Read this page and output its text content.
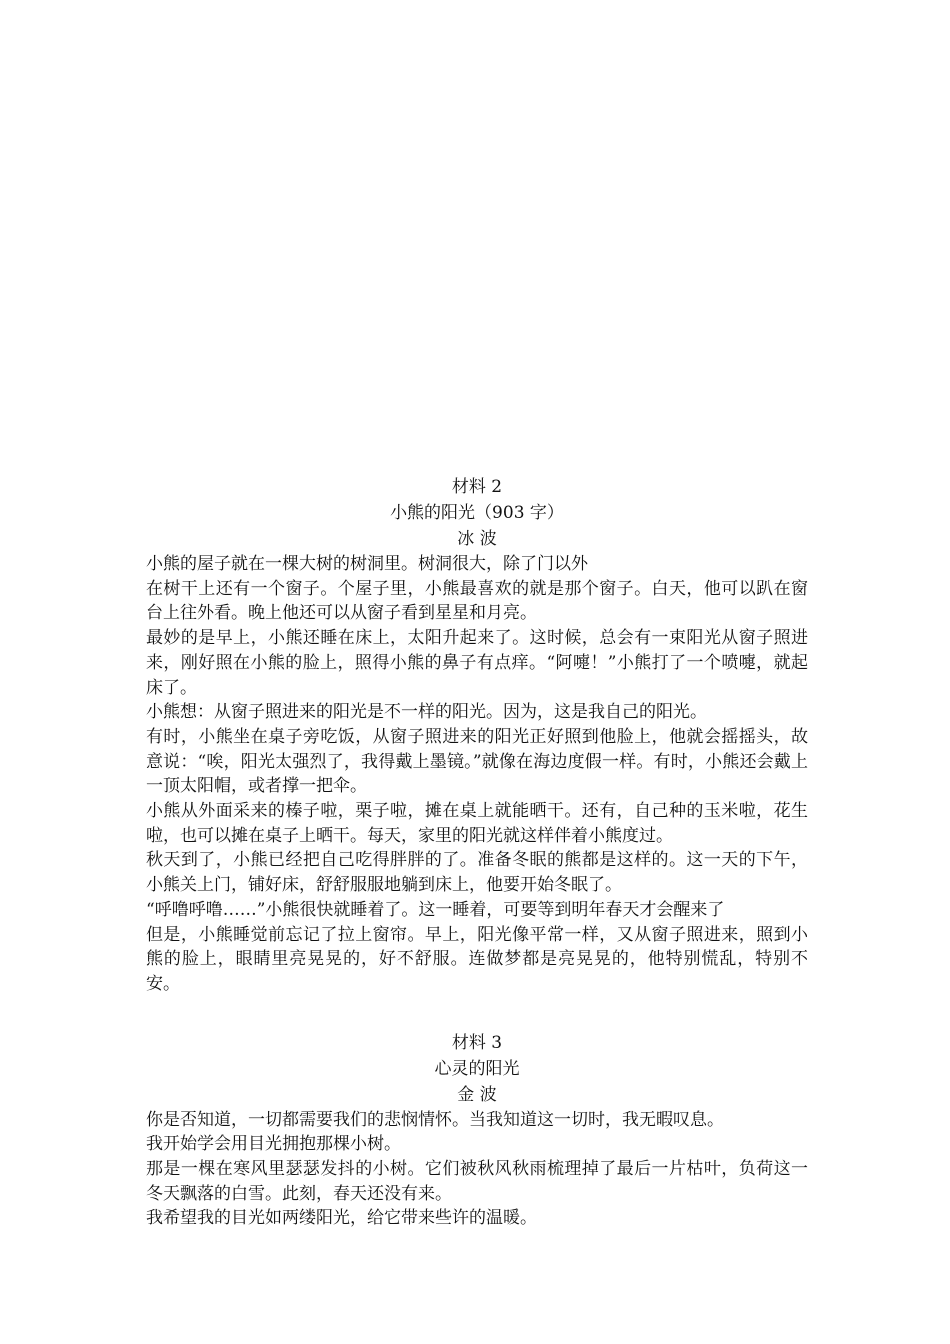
材料 2

小熊的阳光（903 字）

冰 波

小熊的屋子就在一棵大树的树洞里。树洞很大，除了门以外

在树干上还有一个窗子。个屋子里，小熊最喜欢的就是那个窗子。白天，他可以趴在窗台上往外看。晚上他还可以从窗子看到星星和月亮。

最妙的是早上，小熊还睡在床上，太阳升起来了。这时候，总会有一束阳光从窗子照进来，刚好照在小熊的脸上，照得小熊的鼻子有点痒。“阿嚏！”小熊打了一个喷嚏，就起床了。

小熊想：从窗子照进来的阳光是不一样的阳光。因为，这是我自己的阳光。

有时，小熊坐在桌子旁吃饭，从窗子照进来的阳光正好照到他脸上，他就会摇摇头，故意说：“唉，阳光太强烈了，我得戴上墨镜。”就像在海边度假一样。有时，小熊还会戴上一顶太阳帽，或者撑一把伞。

小熊从外面采来的榛子啦，栗子啦，摊在桌上就能晒干。还有，自己种的玉米啦，花生啦，也可以摊在桌子上晒干。每天，家里的阳光就这样伴着小熊度过。

秋天到了，小熊已经把自己吃得胖胖的了。准备冬眠的熊都是这样的。这一天的下午，小熊关上门，铺好床，舒舒服服地躺到床上，他要开始冬眠了。

“呼噜呼噜……”小熊很快就睡着了。这一睡着，可要等到明年春天才会醒来了

但是，小熊睡觉前忘记了拉上窗帘。早上，阳光像平常一样，又从窗子照进来，照到小熊的脸上，眼睛里亮晃晃的，好不舒服。连做梦都是亮晃晃的，他特别慌乱，特别不安。

材料 3

心灵的阳光

金 波

你是否知道，一切都需要我们的悲悯情怀。当我知道这一切时，我无暇叹息。

我开始学会用目光拥抱那棵小树。

那是一棵在寒风里瑟瑟发抖的小树。它们被秋风秋雨梳理掉了最后一片枯叶，负荷这一冬天飘落的白雪。此刻，春天还没有来。

我希望我的目光如两缕阳光，给它带来些许的温暖。
